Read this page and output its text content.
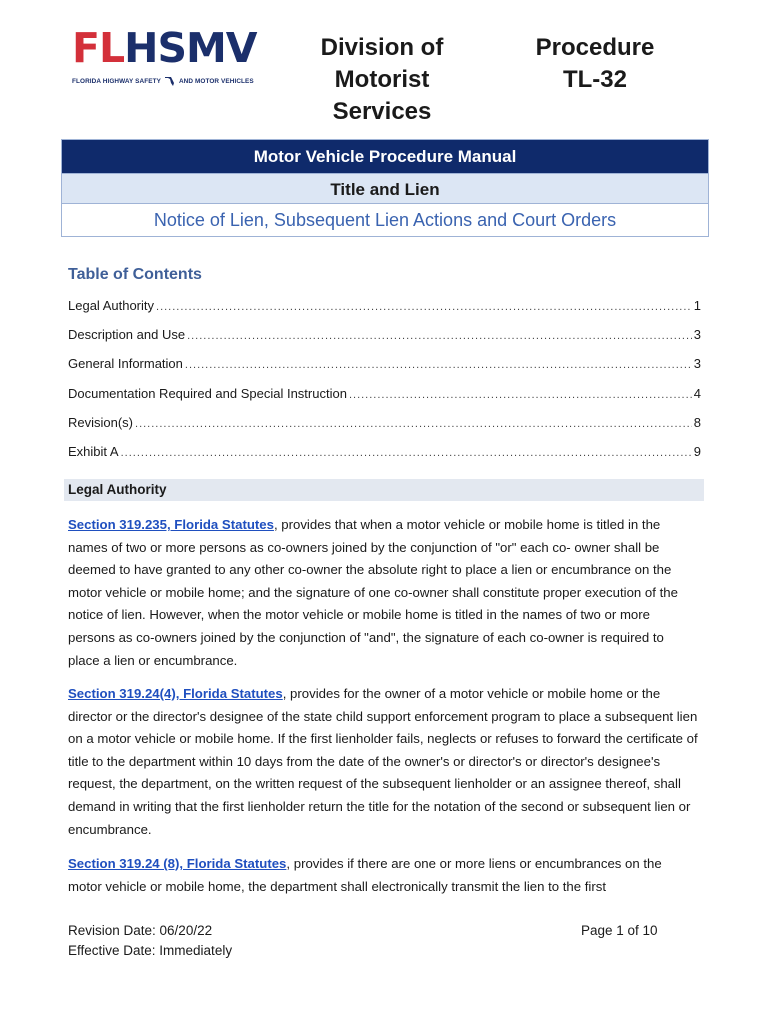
FL H SMV
FLORIDA HIGHWAY SAFETY	AND MOTOR VEHICLES
Division of
Motorist Services
Procedure
TL-32
Motor Vehicle Procedure Manual
Title and Lien
Notice of Lien, Subsequent Lien Actions and Court Orders
Table of Contents
Legal Authority .....	1
Description and Use .....	3
General Information .....	3
Documentation Required and Special Instruction .....	4
Revision(s) .....	8
Exhibit A .....	9
Legal Authority

Section 319.235, Florida Statutes, provides that when a motor vehicle or mobile home is titled in the names of two or more persons as co-owners joined by the conjunction of "or" each co- owner shall be deemed to have granted to any other co-owner the absolute right to place a lien or encumbrance on the motor vehicle or mobile home; and the signature of one co-owner shall constitute proper execution of the notice of lien. However, when the motor vehicle or mobile home is titled in the names of two or more persons as co-owners joined by the conjunction of "and", the signature of each co-owner is required to place a lien or encumbrance.

Section 319.24(4), Florida Statutes, provides for the owner of a motor vehicle or mobile home or the director or the director's designee of the state child support enforcement program to place a subsequent lien on a motor vehicle or mobile home. If the first lienholder fails, neglects or refuses to forward the certificate of title to the department within 10 days from the date of the owner's or director's or director's designee's request, the department, on the written request of the subsequent lienholder or an assignee thereof, shall demand in writing that the first lienholder return the title for the notation of the second or subsequent lien or encumbrance.

Section 319.24 (8), Florida Statutes, provides if there are one or more liens or encumbrances on the motor vehicle or mobile home, the department shall electronically transmit the lien to the first

Revision Date: 06/20/22
Effective Date: Immediately
Page 1 of 10
